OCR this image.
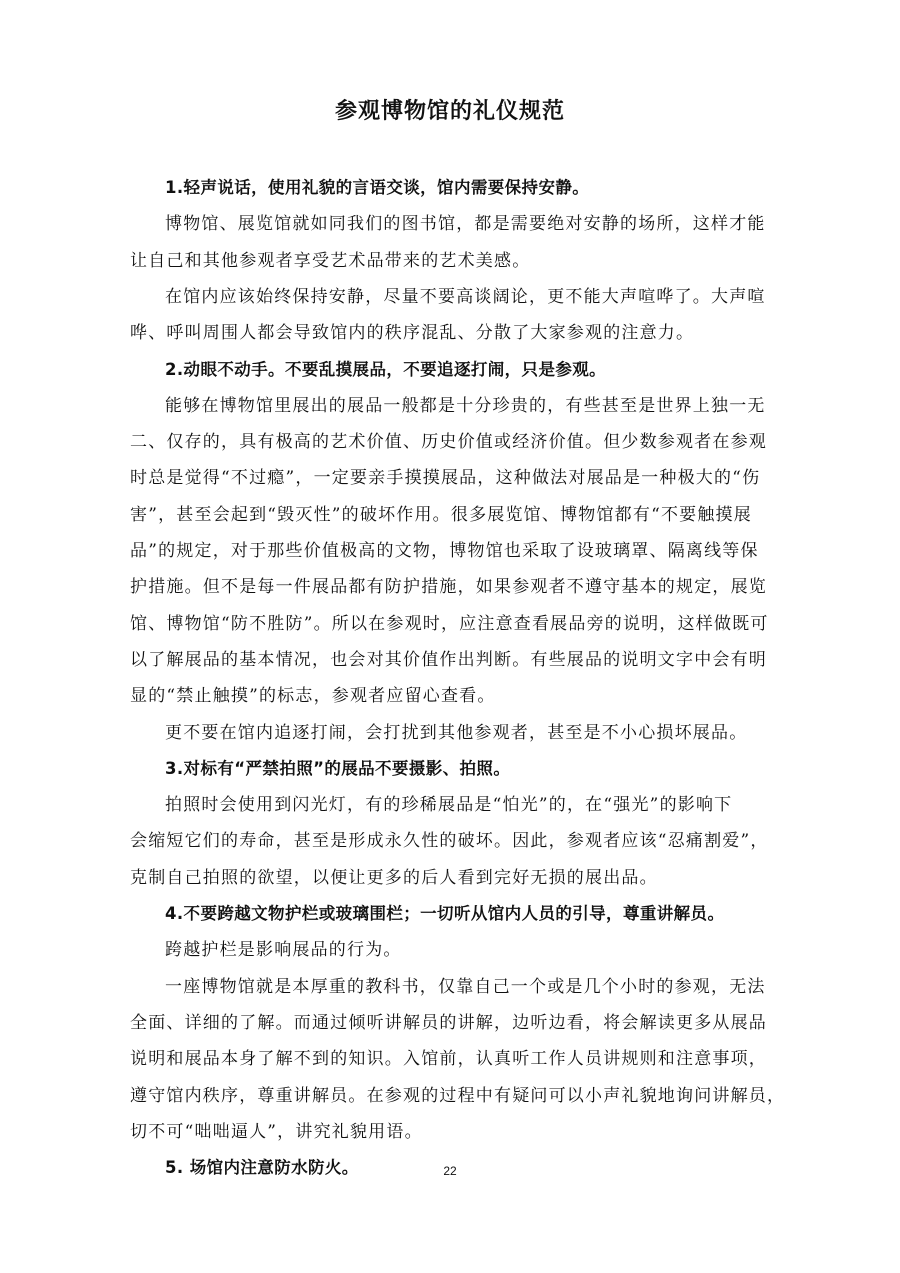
参观博物馆的礼仪规范
1.轻声说话，使用礼貌的言语交谈，馆内需要保持安静。
博物馆、展览馆就如同我们的图书馆，都是需要绝对安静的场所，这样才能
让自己和其他参观者享受艺术品带来的艺术美感。
在馆内应该始终保持安静，尽量不要高谈阔论，更不能大声喧哗了。大声喧
哗、呼叫周围人都会导致馆内的秩序混乱、分散了大家参观的注意力。
2.动眼不动手。不要乱摸展品，不要追逐打闹，只是参观。
能够在博物馆里展出的展品一般都是十分珍贵的，有些甚至是世界上独一无
二、仅存的，具有极高的艺术价值、历史价值或经济价值。但少数参观者在参观
时总是觉得“不过瘾”，一定要亲手摸摸展品，这种做法对展品是一种极大的“伤
害”，甚至会起到“毁灭性”的破坏作用。很多展览馆、博物馆都有“不要触摸展
品”的规定，对于那些价值极高的文物，博物馆也采取了设玻璃罩、隔离线等保
护措施。但不是每一件展品都有防护措施，如果参观者不遵守基本的规定，展览
馆、博物馆“防不胜防”。所以在参观时，应注意查看展品旁的说明，这样做既可
以了解展品的基本情况，也会对其价值作出判断。有些展品的说明文字中会有明
显的“禁止触摸”的标志，参观者应留心查看。
更不要在馆内追逐打闹，会打扰到其他参观者，甚至是不小心损坏展品。
3.对标有“严禁拍照”的展品不要摄影、拍照。
拍照时会使用到闪光灯，有的珍稀展品是“怕光”的，在“强光”的影响下
会缩短它们的寿命，甚至是形成永久性的破坏。因此，参观者应该“忍痛割爱”，
克制自己拍照的欲望，以便让更多的后人看到完好无损的展出品。
4.不要跨越文物护栏或玻璃围栏；一切听从馆内人员的引导，尊重讲解员。
跨越护栏是影响展品的行为。
一座博物馆就是本厚重的教科书，仅靠自己一个或是几个小时的参观，无法
全面、详细的了解。而通过倾听讲解员的讲解，边听边看，将会解读更多从展品
说明和展品本身了解不到的知识。入馆前，认真听工作人员讲规则和注意事项，
遵守馆内秩序，尊重讲解员。在参观的过程中有疑问可以小声礼貌地询问讲解员，
切不可“咄咄逼人”，讲究礼貌用语。
5. 场馆内注意防水防火。	22
